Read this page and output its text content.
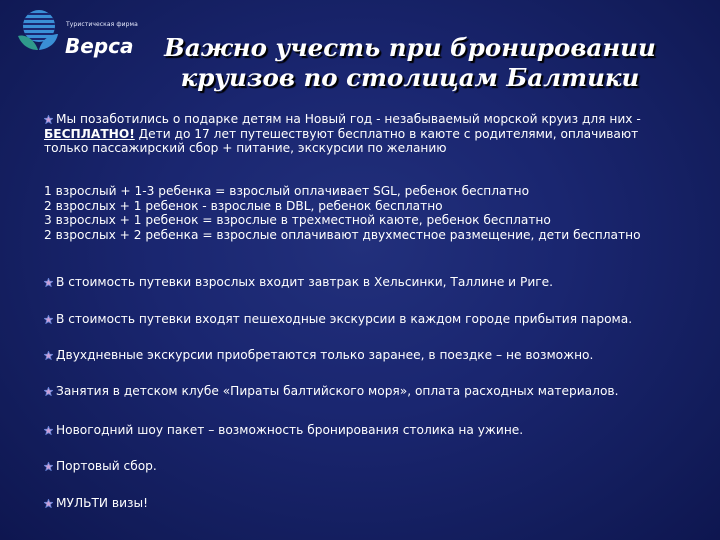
Туристическая фирма
Верса	Важно учесть при бронировании
круизов по столицам Балтики
Мы позаботились о подарке детям на Новый год - незабываемый морской круиз для них -
БЕСПЛАТНО! Дети до 17 лет путешествуют бесплатно в каюте с родителями, оплачивают
только пассажирский сбор + питание, экскурсии по желанию
1 взрослый + 1-3 ребенка = взрослый оплачивает SGL, ребенок бесплатно
2 взрослых + 1 ребенок - взрослые в DBL, ребенок бесплатно
3 взрослых + 1 ребенок = взрослые в трехместной каюте, ребенок бесплатно
2 взрослых + 2 ребенка = взрослые оплачивают двухместное размещение, дети бесплатно
В стоимость путевки взрослых входит завтрак в Хельсинки, Таллине и Риге.
В стоимость путевки входят пешеходные экскурсии в каждом городе прибытия парома.
Двухдневные экскурсии приобретаются только заранее, в поездке – не возможно.
Занятия в детском клубе «Пираты балтийского моря», оплата расходных материалов.
Новогодний шоу пакет – возможность бронирования столика на ужине.
Портовый сбор.
МУЛЬТИ визы!
